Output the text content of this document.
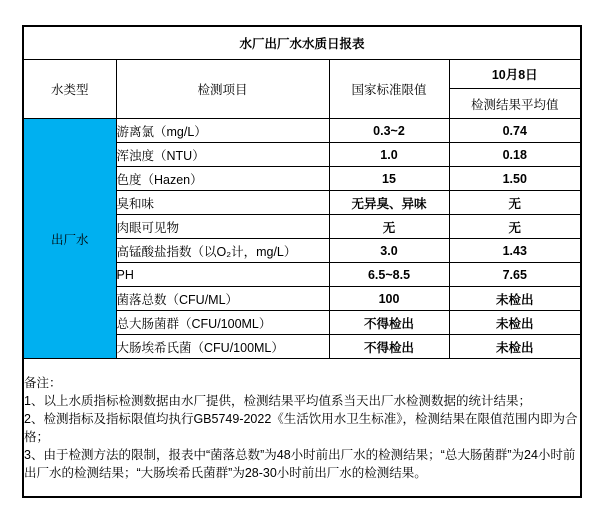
水厂出厂水水质日报表			
水类型	检测项目	国家标准限值	10月8日
			检测结果平均值
出厂水	游离氯（mg/L）	0.3~2	0.74
	浑浊度（NTU）	1.0	0.18
	色度（Hazen）	15	1.50
	臭和味	无异臭、异味	无
	肉眼可见物	无	无
	高锰酸盐指数（以O₂计，mg/L）	3.0	1.43
	PH	6.5~8.5	7.65
	菌落总数（CFU/ML）	100	未检出
	总大肠菌群（CFU/100ML）	不得检出	未检出
	大肠埃希氏菌（CFU/100ML）	不得检出	未检出

备注：
1、以上水质指标检测数据由水厂提供，检测结果平均值系当天出厂水检测数据的统计结果；
2、检测指标及指标限值均执行GB5749-2022《生活饮用水卫生标准》，检测结果在限值范围内即为合格；
3、由于检测方法的限制，报表中“菌落总数”为48小时前出厂水的检测结果；“总大肠菌群”为24小时前出厂水的检测结果；“大肠埃希氏菌群”为28-30小时前出厂水的检测结果。			
